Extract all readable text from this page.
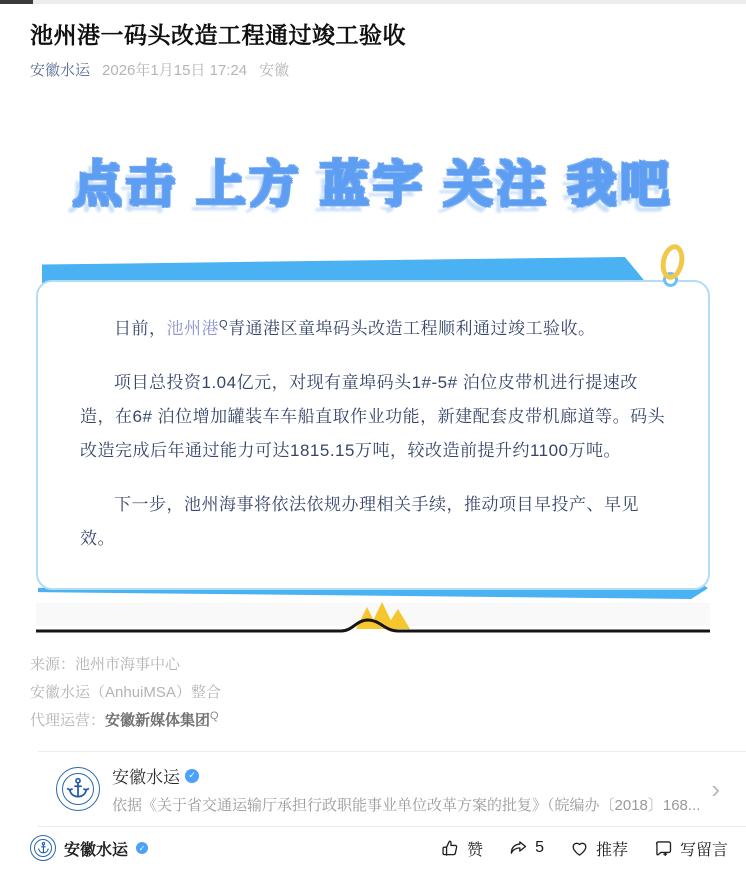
池州港一码头改造工程通过竣工验收
安徽水运 2026年1月15日 17:24 安徽
点击 上方 蓝字 关注 我吧

日前，池州港$^Q$青通港区童埠码头改造工程顺利通过竣工验收。

项目总投资1.04亿元，对现有童埠码头1#-5# 泊位皮带机进行提速改造，在6# 泊位增加罐装车车船直取作业功能，新建配套皮带机廊道等。码头改造完成后年通过能力可达1815.15万吨，较改造前提升约1100万吨。

下一步，池州海事将依法依规办理相关手续，推动项目早投产、早见效。

来源：池州市海事中心
安徽水运（AnhuiMSA）整合
代理运营：安徽新媒体集团$^Q$
安徽水运 ✓
依据《关于省交通运输厅承担行政职能事业单位改革方案的批复》（皖编办〔2018〕168...
›
安徽水运	✓	赞	5	推荐	写留言
